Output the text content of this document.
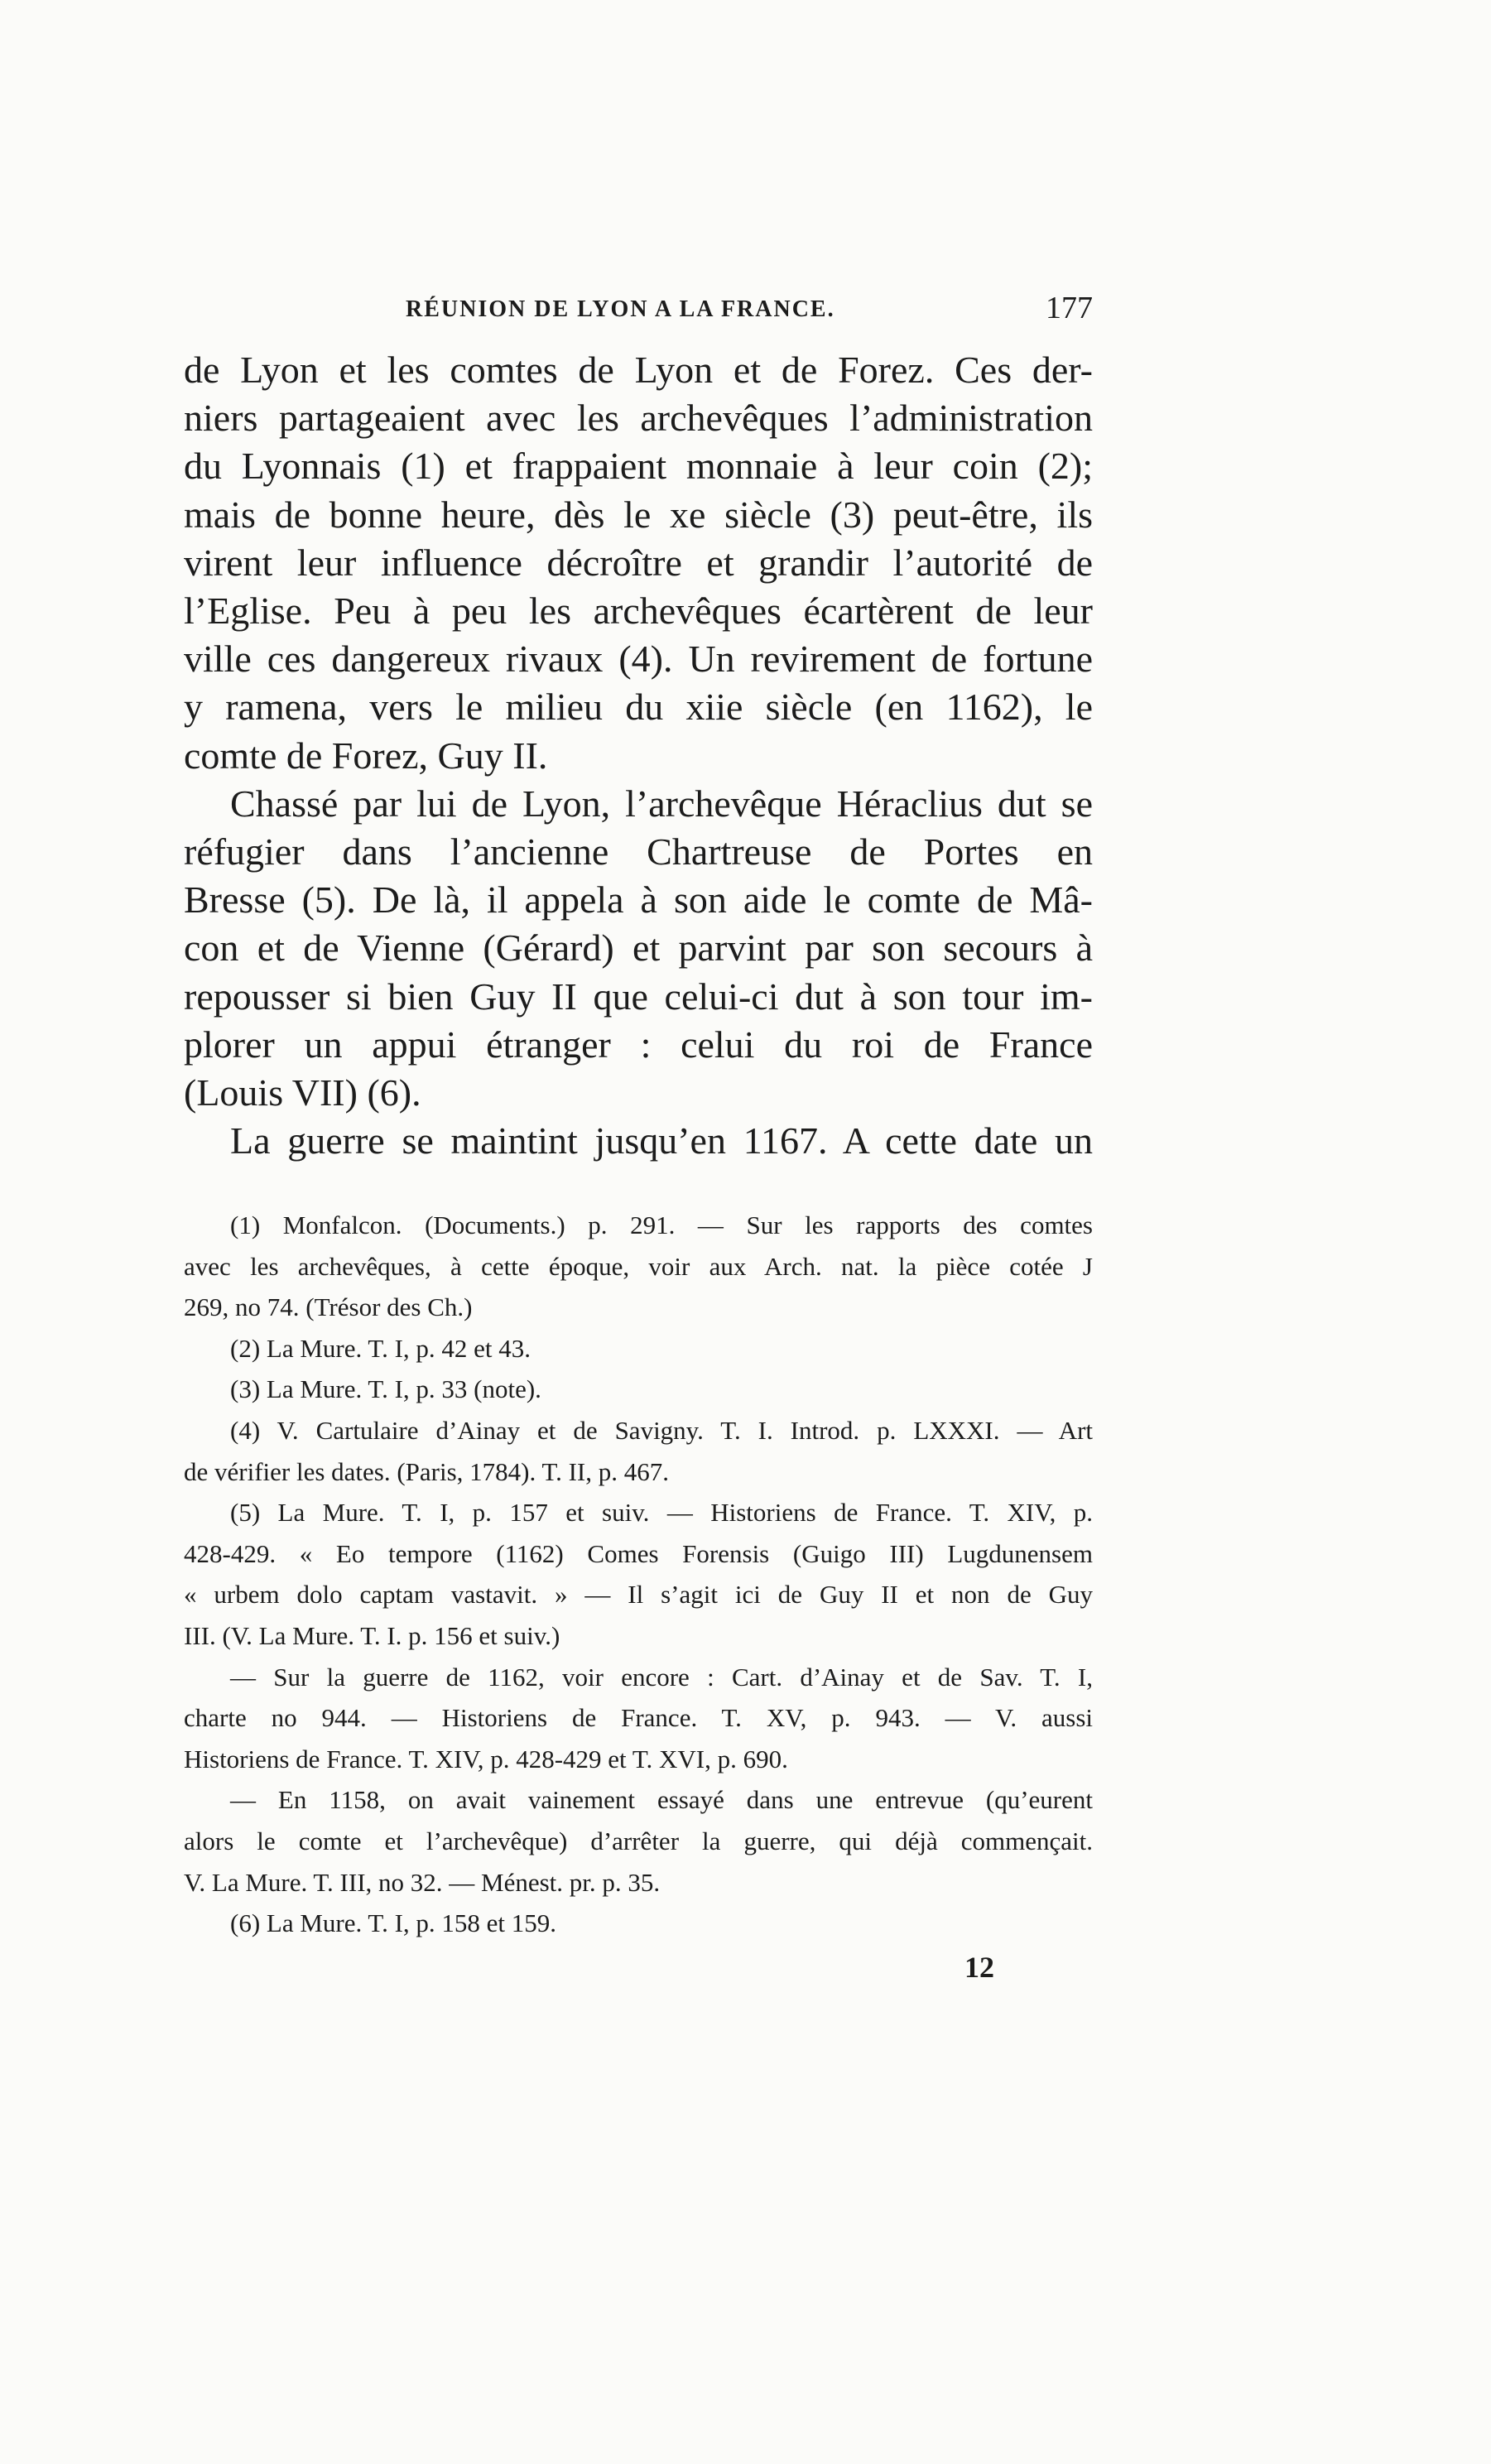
RÉUNION DE LYON A LA FRANCE.	177
de Lyon et les comtes de Lyon et de Forez. Ces der-
niers partageaient avec les archevêques l’administration
du Lyonnais (1) et frappaient monnaie à leur coin (2);
mais de bonne heure, dès le xe siècle (3) peut-être, ils
virent leur influence décroître et grandir l’autorité de
l’Eglise. Peu à peu les archevêques écartèrent de leur
ville ces dangereux rivaux (4). Un revirement de fortune
y ramena, vers le milieu du xiie siècle (en 1162), le
comte de Forez, Guy II.
Chassé par lui de Lyon, l’archevêque Héraclius dut se
réfugier dans l’ancienne Chartreuse de Portes en
Bresse (5). De là, il appela à son aide le comte de Mâ-
con et de Vienne (Gérard) et parvint par son secours à
repousser si bien Guy II que celui-ci dut à son tour im-
plorer un appui étranger : celui du roi de France
(Louis VII) (6).
La guerre se maintint jusqu’en 1167. A cette date un
(1) Monfalcon. (Documents.) p. 291. — Sur les rapports des comtes
avec les archevêques, à cette époque, voir aux Arch. nat. la pièce cotée J
269, no 74. (Trésor des Ch.)
(2) La Mure. T. I, p. 42 et 43.
(3) La Mure. T. I, p. 33 (note).
(4) V. Cartulaire d’Ainay et de Savigny. T. I. Introd. p. LXXXI. — Art
de vérifier les dates. (Paris, 1784). T. II, p. 467.
(5) La Mure. T. I, p. 157 et suiv. — Historiens de France. T. XIV, p.
428-429. « Eo tempore (1162) Comes Forensis (Guigo III) Lugdunensem
« urbem dolo captam vastavit. » — Il s’agit ici de Guy II et non de Guy
III. (V. La Mure. T. I. p. 156 et suiv.)
— Sur la guerre de 1162, voir encore : Cart. d’Ainay et de Sav. T. I,
charte no 944. — Historiens de France. T. XV, p. 943. — V. aussi
Historiens de France. T. XIV, p. 428-429 et T. XVI, p. 690.
— En 1158, on avait vainement essayé dans une entrevue (qu’eurent
alors le comte et l’archevêque) d’arrêter la guerre, qui déjà commençait.
V. La Mure. T. III, no 32. — Ménest. pr. p. 35.
(6) La Mure. T. I, p. 158 et 159.
12
